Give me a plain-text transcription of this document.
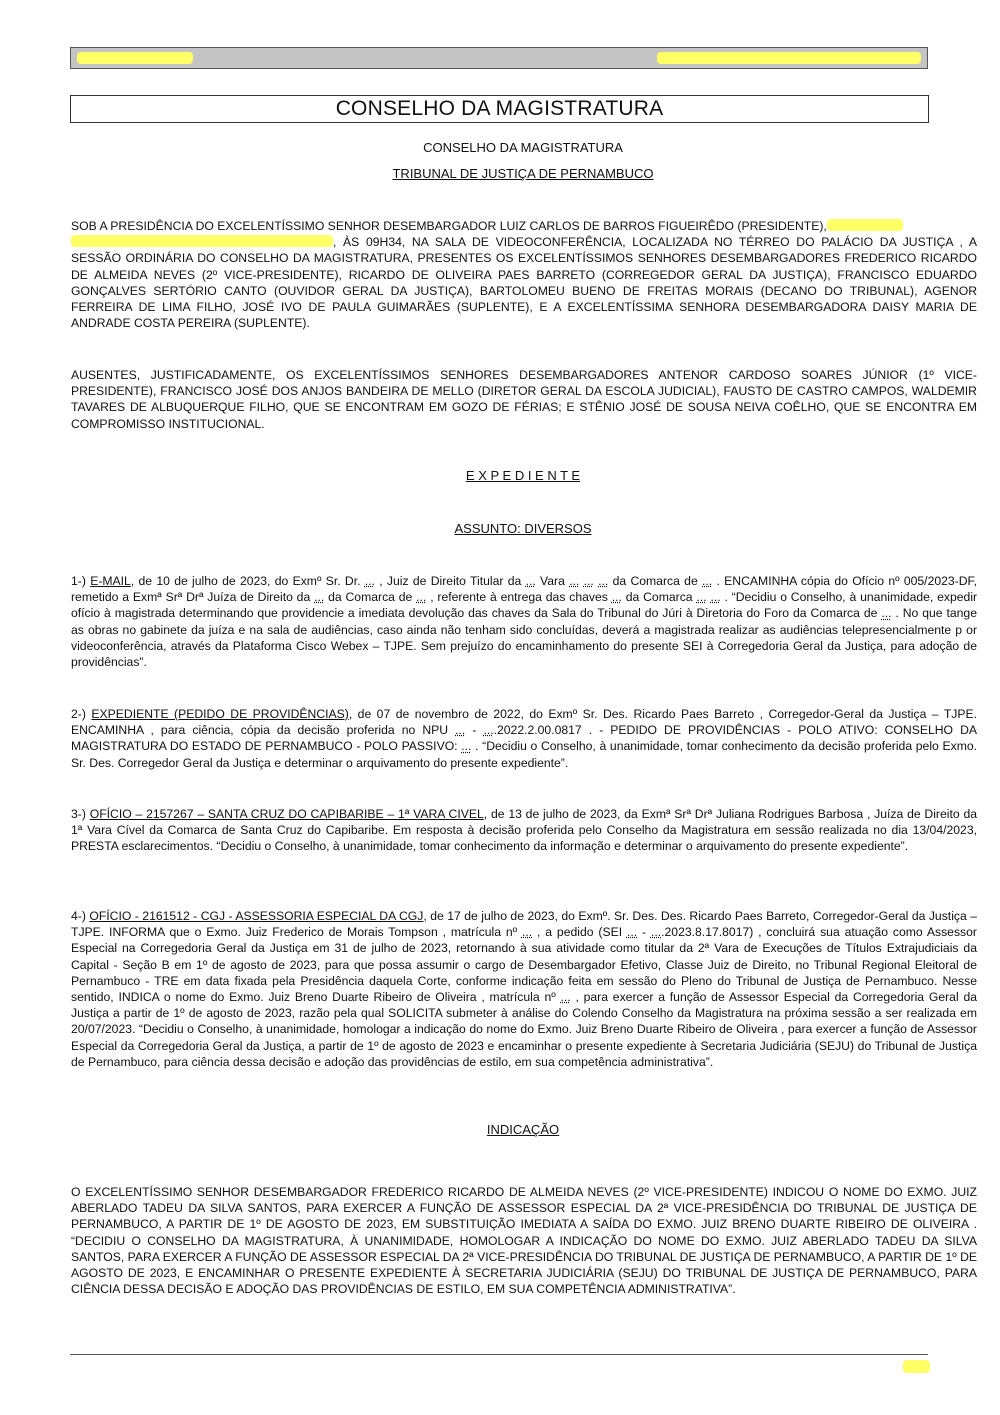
CONSELHO DA MAGISTRATURA
CONSELHO DA MAGISTRATURA
TRIBUNAL DE JUSTIÇA DE PERNAMBUCO

SOB A PRESIDÊNCIA DO EXCELENTÍSSIMO SENHOR DESEMBARGADOR LUIZ CARLOS DE BARROS FIGUEIRÊDO (PRESIDENTE),
, ÀS 09H34, NA SALA DE VIDEOCONFERÊNCIA, LOCALIZADA NO TÉRREO DO PALÁCIO DA JUSTIÇA , A SESSÃO ORDINÁRIA DO CONSELHO DA MAGISTRATURA, PRESENTES OS EXCELENTÍSSIMOS SENHORES DESEMBARGADORES FREDERICO RICARDO DE ALMEIDA NEVES (2º VICE-PRESIDENTE), RICARDO DE OLIVEIRA PAES BARRETO (CORREGEDOR GERAL DA JUSTIÇA), FRANCISCO EDUARDO GONÇALVES SERTÓRIO CANTO (OUVIDOR GERAL DA JUSTIÇA), BARTOLOMEU BUENO DE FREITAS MORAIS (DECANO DO TRIBUNAL), AGENOR FERREIRA DE LIMA FILHO, JOSÉ IVO DE PAULA GUIMARÃES (SUPLENTE), E A EXCELENTÍSSIMA SENHORA DESEMBARGADORA DAISY MARIA DE ANDRADE COSTA PEREIRA (SUPLENTE).

AUSENTES, JUSTIFICADAMENTE, OS EXCELENTÍSSIMOS SENHORES DESEMBARGADORES ANTENOR CARDOSO SOARES JÚNIOR (1º VICE-PRESIDENTE), FRANCISCO JOSÉ DOS ANJOS BANDEIRA DE MELLO (DIRETOR GERAL DA ESCOLA JUDICIAL), FAUSTO DE CASTRO CAMPOS, WALDEMIR TAVARES DE ALBUQUERQUE FILHO, QUE SE ENCONTRAM EM GOZO DE FÉRIAS; E STÊNIO JOSÉ DE SOUSA NEIVA COÊLHO, QUE SE ENCONTRA EM COMPROMISSO INSTITUCIONAL.

E X P E D I E N T E
ASSUNTO: DIVERSOS

1-) E-MAIL, de 10 de julho de 2023, do Exmº Sr. Dr. ... , Juiz de Direito Titular da ... Vara ... ... ... da Comarca de ... . ENCAMINHA cópia do Ofício nº 005/2023-DF, remetido a Exmª Srª Drª Juíza de Direito da ... da Comarca de ... , referente à entrega das chaves ... da Comarca ... ... . “Decidiu o Conselho, à unanimidade, expedir ofício à magistrada determinando que providencie a imediata devolução das chaves da Sala do Tribunal do Júri à Diretoria do Foro da Comarca de ... . No que tange as obras no gabinete da juíza e na sala de audiências, caso ainda não tenham sido concluídas, deverá a magistrada realizar as audiências telepresencialmente p or videoconferência, através da Plataforma Cisco Webex – TJPE. Sem prejuízo do encaminhamento do presente SEI à Corregedoria Geral da Justiça, para adoção de providências”.

2-) EXPEDIENTE (PEDIDO DE PROVIDÊNCIAS), de 07 de novembro de 2022, do Exmº Sr. Des. Ricardo Paes Barreto , Corregedor-Geral da Justiça – TJPE. ENCAMINHA , para ciência, cópia da decisão proferida no NPU ... - ....2022.2.00.0817 . - PEDIDO DE PROVIDÊNCIAS - POLO ATIVO: CONSELHO DA MAGISTRATURA DO ESTADO DE PERNAMBUCO - POLO PASSIVO: ... . “Decidiu o Conselho, à unanimidade, tomar conhecimento da decisão proferida pelo Exmo. Sr. Des. Corregedor Geral da Justiça e determinar o arquivamento do presente expediente”.

3-) OFÍCIO – 2157267 – SANTA CRUZ DO CAPIBARIBE – 1ª VARA CIVEL, de 13 de julho de 2023, da Exmª Srª Drª Juliana Rodrigues Barbosa , Juíza de Direito da 1ª Vara Cível da Comarca de Santa Cruz do Capibaribe. Em resposta à decisão proferida pelo Conselho da Magistratura em sessão realizada no dia 13/04/2023, PRESTA esclarecimentos. “Decidiu o Conselho, à unanimidade, tomar conhecimento da informação e determinar o arquivamento do presente expediente”.

4-) OFÍCIO - 2161512 - CGJ - ASSESSORIA ESPECIAL DA CGJ, de 17 de julho de 2023, do Exmº. Sr. Des. Des. Ricardo Paes Barreto, Corregedor-Geral da Justiça – TJPE. INFORMA que o Exmo. Juiz Frederico de Morais Tompson , matrícula nº ... , a pedido (SEI ... - ....2023.8.17.8017) , concluirá sua atuação como Assessor Especial na Corregedoria Geral da Justiça em 31 de julho de 2023, retornando à sua atividade como titular da 2ª Vara de Execuções de Títulos Extrajudiciais da Capital - Seção B em 1º de agosto de 2023, para que possa assumir o cargo de Desembargador Efetivo, Classe Juiz de Direito, no Tribunal Regional Eleitoral de Pernambuco - TRE em data fixada pela Presidência daquela Corte, conforme indicação feita em sessão do Pleno do Tribunal de Justiça de Pernambuco. Nesse sentido, INDICA o nome do Exmo. Juiz Breno Duarte Ribeiro de Oliveira , matrícula nº ... , para exercer a função de Assessor Especial da Corregedoria Geral da Justiça a partir de 1º de agosto de 2023, razão pela qual SOLICITA submeter à análise do Colendo Conselho da Magistratura na próxima sessão a ser realizada em 20/07/2023. “Decidiu o Conselho, à unanimidade, homologar a indicação do nome do Exmo. Juiz Breno Duarte Ribeiro de Oliveira , para exercer a função de Assessor Especial da Corregedoria Geral da Justiça, a partir de 1º de agosto de 2023 e encaminhar o presente expediente à Secretaria Judiciária (SEJU) do Tribunal de Justiça de Pernambuco, para ciência dessa decisão e adoção das providências de estilo, em sua competência administrativa”.

INDICAÇÃO

O EXCELENTÍSSIMO SENHOR DESEMBARGADOR FREDERICO RICARDO DE ALMEIDA NEVES (2º VICE-PRESIDENTE) INDICOU O NOME DO EXMO. JUIZ ABERLADO TADEU DA SILVA SANTOS, PARA EXERCER A FUNÇÃO DE ASSESSOR ESPECIAL DA 2ª VICE-PRESIDÊNCIA DO TRIBUNAL DE JUSTIÇA DE PERNAMBUCO, A PARTIR DE 1º DE AGOSTO DE 2023, EM SUBSTITUIÇÃO IMEDIATA A SAÍDA DO EXMO. JUIZ BRENO DUARTE RIBEIRO DE OLIVEIRA . “DECIDIU O CONSELHO DA MAGISTRATURA, À UNANIMIDADE, HOMOLOGAR A INDICAÇÃO DO NOME DO EXMO. JUIZ ABERLADO TADEU DA SILVA SANTOS, PARA EXERCER A FUNÇÃO DE ASSESSOR ESPECIAL DA 2ª VICE-PRESIDÊNCIA DO TRIBUNAL DE JUSTIÇA DE PERNAMBUCO, A PARTIR DE 1º DE AGOSTO DE 2023, E ENCAMINHAR O PRESENTE EXPEDIENTE À SECRETARIA JUDICIÁRIA (SEJU) DO TRIBUNAL DE JUSTIÇA DE PERNAMBUCO, PARA CIÊNCIA DESSA DECISÃO E ADOÇÃO DAS PROVIDÊNCIAS DE ESTILO, EM SUA COMPETÊNCIA ADMINISTRATIVA”.
